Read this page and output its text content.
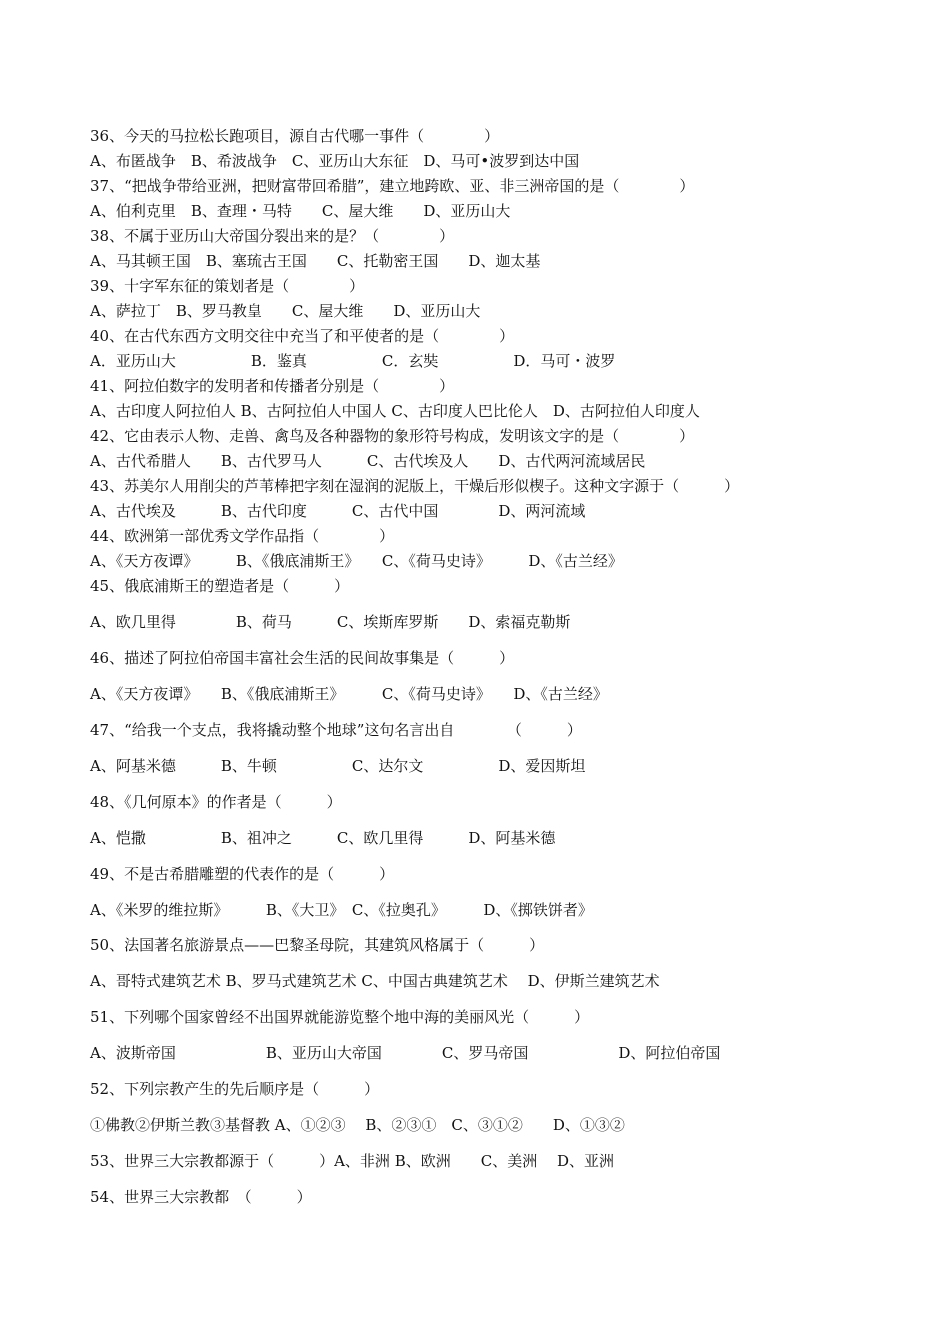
36、今天的马拉松长跑项目，源自古代哪一事件（　　　　）
A、布匿战争　B、希波战争　C、亚历山大东征　D、马可•波罗到达中国
37、“把战争带给亚洲，把财富带回希腊”，建立地跨欧、亚、非三洲帝国的是（　　　　）
A、伯利克里　B、查理・马特　　C、屋大维　　D、亚历山大
38、不属于亚历山大帝国分裂出来的是？（　　　　）
A、马其顿王国　B、塞琉古王国　　C、托勒密王国　　D、迦太基
39、十字军东征的策划者是（　　　　）
A、萨拉丁　B、罗马教皇　　C、屋大维　　D、亚历山大
40、在古代东西方文明交往中充当了和平使者的是（　　　　）
A．亚历山大　　　　　B．鉴真　　　　　C．玄奘　　　　　D．马可・波罗
41、阿拉伯数字的发明者和传播者分别是（　　　　）
A、古印度人阿拉伯人 B、古阿拉伯人中国人 C、古印度人巴比伦人　D、古阿拉伯人印度人
42、它由表示人物、走兽、禽鸟及各种器物的象形符号构成，发明该文字的是（　　　　）
A、古代希腊人　　B、古代罗马人　　　C、古代埃及人　　D、古代两河流域居民
43、苏美尔人用削尖的芦苇棒把字刻在湿润的泥版上，干燥后形似楔子。这种文字源于（　　　）
A、古代埃及　　　B、古代印度　　　C、古代中国　　　　D、两河流域
44、欧洲第一部优秀文学作品指（　　　　）
A、《天方夜谭》　　　B、《俄底浦斯王》　　C、《荷马史诗》　　　D、《古兰经》
45、俄底浦斯王的塑造者是（　　　）
A、欧几里得　　　　B、荷马　　　C、埃斯库罗斯　　D、索福克勒斯
46、描述了阿拉伯帝国丰富社会生活的民间故事集是（　　　）
A、《天方夜谭》　　B、《俄底浦斯王》　　　C、《荷马史诗》　　D、《古兰经》
47、“给我一个支点，我将撬动整个地球”这句名言出自　　　　（　　　）
A、阿基米德　　　B、牛顿　　　　　C、达尔文　　　　　D、爱因斯坦
48、《几何原本》的作者是（　　　）
A、恺撒　　　　　B、祖冲之　　　C、欧几里得　　　D、阿基米德
49、不是古希腊雕塑的代表作的是（　　　）
A、《米罗的维拉斯》　　　B、《大卫》　C、《拉奥孔》　　　D、《掷铁饼者》
50、法国著名旅游景点——巴黎圣母院，其建筑风格属于（　　　）
A、哥特式建筑艺术 B、罗马式建筑艺术 C、中国古典建筑艺术　 D、伊斯兰建筑艺术
51、下列哪个国家曾经不出国界就能游览整个地中海的美丽风光（　　　）
A、波斯帝国　　　　　　B、亚历山大帝国　　　　C、罗马帝国　　　　　　D、阿拉伯帝国
52、下列宗教产生的先后顺序是（　　　）
①佛教②伊斯兰教③基督教 A、①②③　 B、②③①　C、③①②　　D、①③②
53、世界三大宗教都源于（　　　）A、非洲 B、欧洲　　C、美洲　 D、亚洲
54、世界三大宗教都　（　　　）
